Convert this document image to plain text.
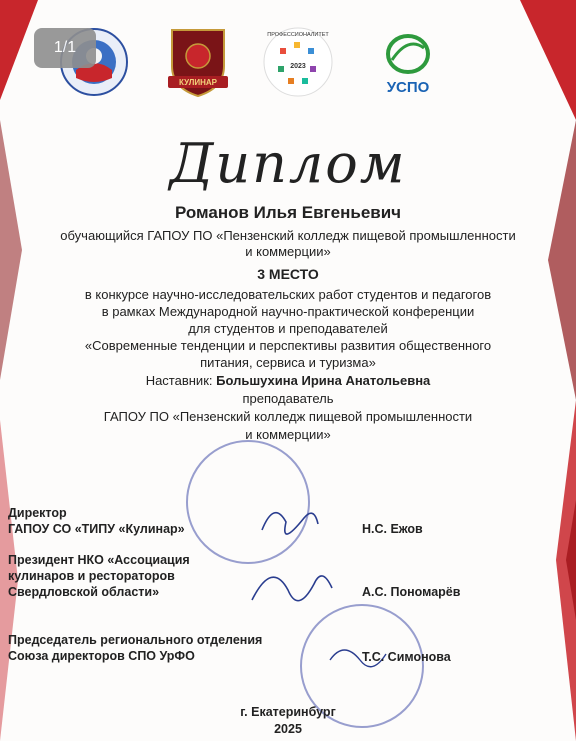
КУЛИНАР
2023
ПРОФЕССИОНАЛИТЕТ
УСПО
1/1
Диплом
Романов Илья Евгеньевич
обучающийся ГАПОУ ПО «Пензенский колледж пищевой промышленности
и коммерции»
3 МЕСТО
в конкурсе научно-исследовательских работ студентов и педагогов
в рамках Международной научно-практической конференции
для студентов и преподавателей
«Современные тенденции и перспективы развития общественного
питания, сервиса и туризма»
Наставник: Большухина Ирина Анатольевна
преподаватель
ГАПОУ ПО «Пензенский колледж пищевой промышленности
и коммерции»
Директор
ГАПОУ СО «ТИПУ «Кулинар»	Н.С. Ежов
Президент НКО «Ассоциация
кулинаров и рестораторов
Свердловской области»	А.С. Пономарёв
Председатель регионального отделения
Союза директоров СПО УрФО	Т.С. Симонова
г. Екатеринбург
2025
